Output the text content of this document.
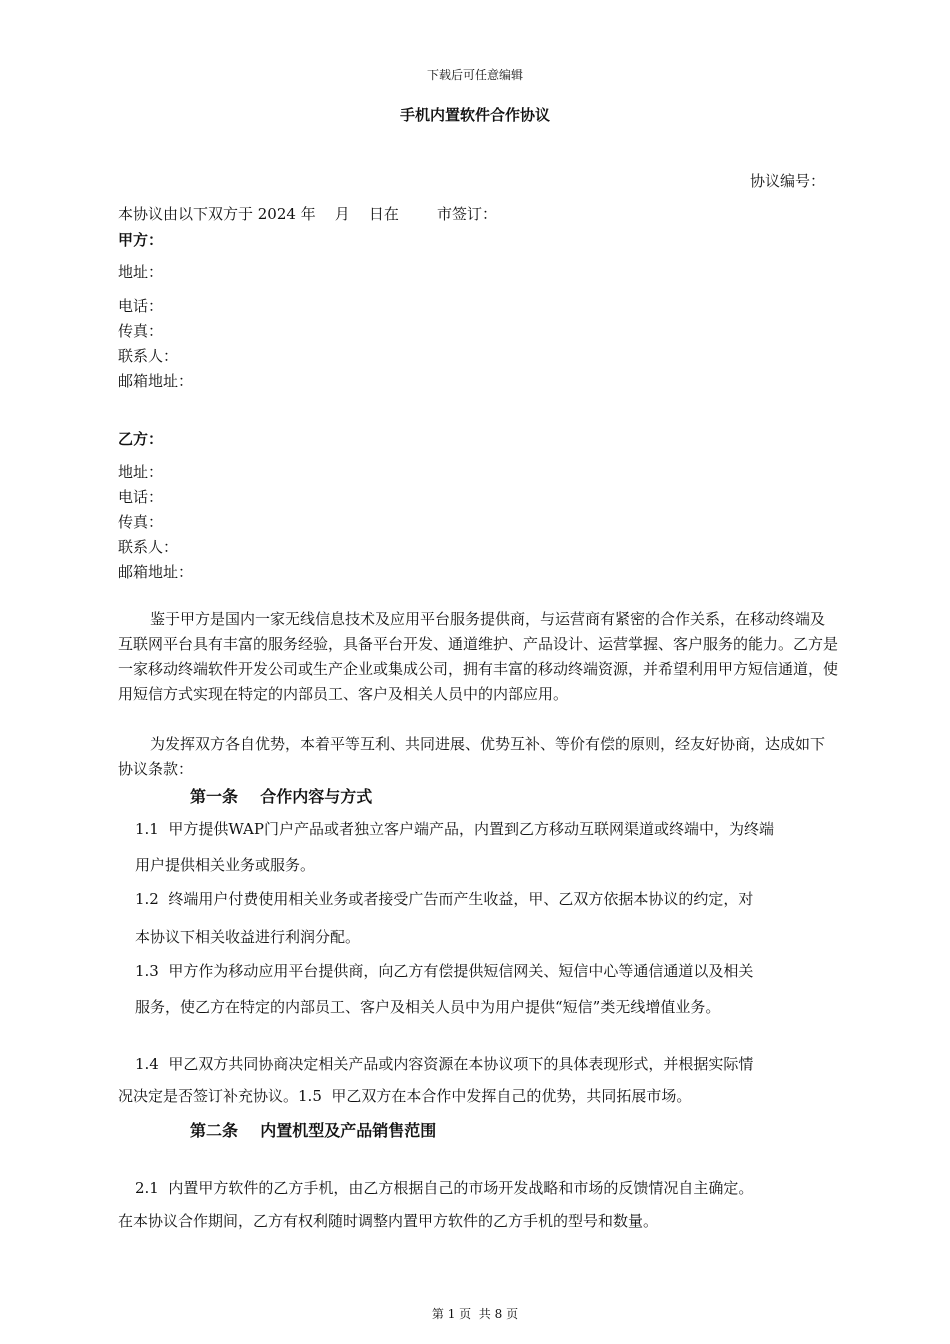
下载后可任意编辑
手机内置软件合作协议
协议编号：
本协议由以下双方于 2024 年    月    日在        市签订：
甲方：
地址：
电话：
传真：
联系人：
邮箱地址：
乙方：
地址：
电话：
传真：
联系人：
邮箱地址：
鉴于甲方是国内一家无线信息技术及应用平台服务提供商，与运营商有紧密的合作关系，在移动终端及互联网平台具有丰富的服务经验，具备平台开发、通道维护、产品设计、运营掌握、客户服务的能力。乙方是一家移动终端软件开发公司或生产企业或集成公司，拥有丰富的移动终端资源，并希望利用甲方短信通道，使用短信方式实现在特定的内部员工、客户及相关人员中的内部应用。
为发挥双方各自优势，本着平等互利、共同进展、优势互补、等价有偿的原则，经友好协商，达成如下协议条款：
第一条    合作内容与方式
1.1  甲方提供WAP门户产品或者独立客户端产品，内置到乙方移动互联网渠道或终端中，为终端
用户提供相关业务或服务。
1.2  终端用户付费使用相关业务或者接受广告而产生收益，甲、乙双方依据本协议的约定，对
本协议下相关收益进行利润分配。
1.3  甲方作为移动应用平台提供商，向乙方有偿提供短信网关、短信中心等通信通道以及相关
服务，使乙方在特定的内部员工、客户及相关人员中为用户提供“短信”类无线增值业务。
1.4  甲乙双方共同协商决定相关产品或内容资源在本协议项下的具体表现形式，并根据实际情
况决定是否签订补充协议。1.5  甲乙双方在本合作中发挥自己的优势，共同拓展市场。
第二条    内置机型及产品销售范围
2.1  内置甲方软件的乙方手机，由乙方根据自己的市场开发战略和市场的反馈情况自主确定。
在本协议合作期间，乙方有权利随时调整内置甲方软件的乙方手机的型号和数量。
第 1 页  共 8 页
